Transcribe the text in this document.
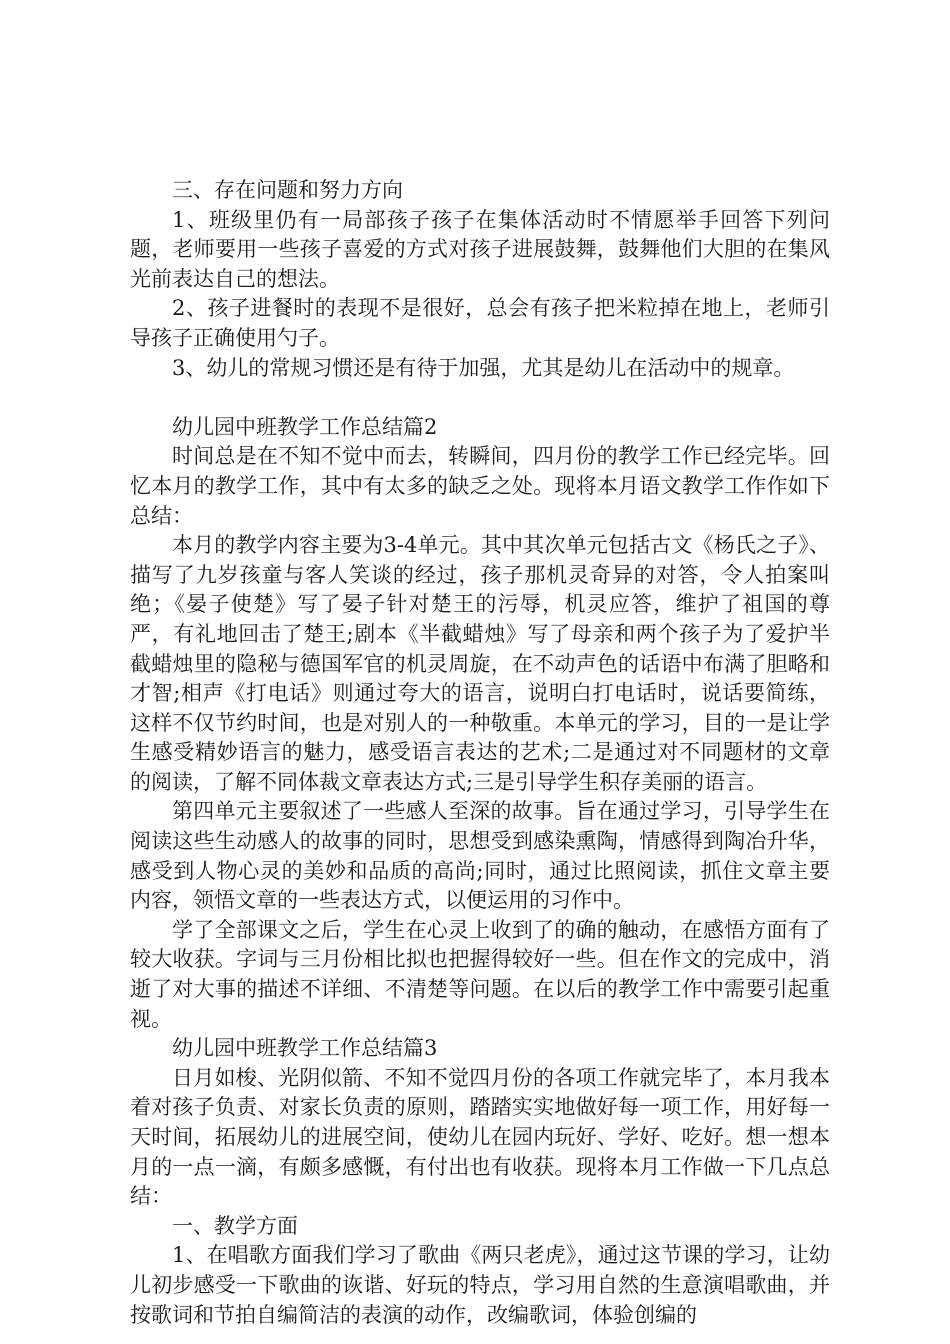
三、存在问题和努力方向

1、班级里仍有一局部孩子孩子在集体活动时不情愿举手回答下列问题，老师要用一些孩子喜爱的方式对孩子进展鼓舞，鼓舞他们大胆的在集风光前表达自己的想法。

2、孩子进餐时的表现不是很好，总会有孩子把米粒掉在地上，老师引导孩子正确使用勺子。

3、幼儿的常规习惯还是有待于加强，尤其是幼儿在活动中的规章。

幼儿园中班教学工作总结篇2

时间总是在不知不觉中而去，转瞬间，四月份的教学工作已经完毕。回忆本月的教学工作，其中有太多的缺乏之处。现将本月语文教学工作作如下总结：

本月的教学内容主要为3-4单元。其中其次单元包括古文《杨氏之子》、描写了九岁孩童与客人笑谈的经过，孩子那机灵奇异的对答，令人拍案叫绝；《晏子使楚》写了晏子针对楚王的污辱，机灵应答，维护了祖国的尊严，有礼地回击了楚王;剧本《半截蜡烛》写了母亲和两个孩子为了爱护半截蜡烛里的隐秘与德国军官的机灵周旋，在不动声色的话语中布满了胆略和才智;相声《打电话》则通过夸大的语言，说明白打电话时，说话要简练，这样不仅节约时间，也是对别人的一种敬重。本单元的学习，目的一是让学生感受精妙语言的魅力，感受语言表达的艺术;二是通过对不同题材的文章的阅读，了解不同体裁文章表达方式;三是引导学生积存美丽的语言。

第四单元主要叙述了一些感人至深的故事。旨在通过学习，引导学生在阅读这些生动感人的故事的同时，思想受到感染熏陶，情感得到陶冶升华，感受到人物心灵的美妙和品质的高尚;同时，通过比照阅读，抓住文章主要内容，领悟文章的一些表达方式，以便运用的习作中。

学了全部课文之后，学生在心灵上收到了的确的触动，在感悟方面有了较大收获。字词与三月份相比拟也把握得较好一些。但在作文的完成中，消逝了对大事的描述不详细、不清楚等问题。在以后的教学工作中需要引起重视。

幼儿园中班教学工作总结篇3

日月如梭、光阴似箭、不知不觉四月份的各项工作就完毕了，本月我本着对孩子负责、对家长负责的原则，踏踏实实地做好每一项工作，用好每一天时间，拓展幼儿的进展空间，使幼儿在园内玩好、学好、吃好。想一想本月的一点一滴，有颇多感慨，有付出也有收获。现将本月工作做一下几点总结：

一、教学方面

1、在唱歌方面我们学习了歌曲《两只老虎》，通过这节课的学习，让幼儿初步感受一下歌曲的诙谐、好玩的特点，学习用自然的生意演唱歌曲，并按歌词和节拍自编简洁的表演的动作，改编歌词，体验创编的
